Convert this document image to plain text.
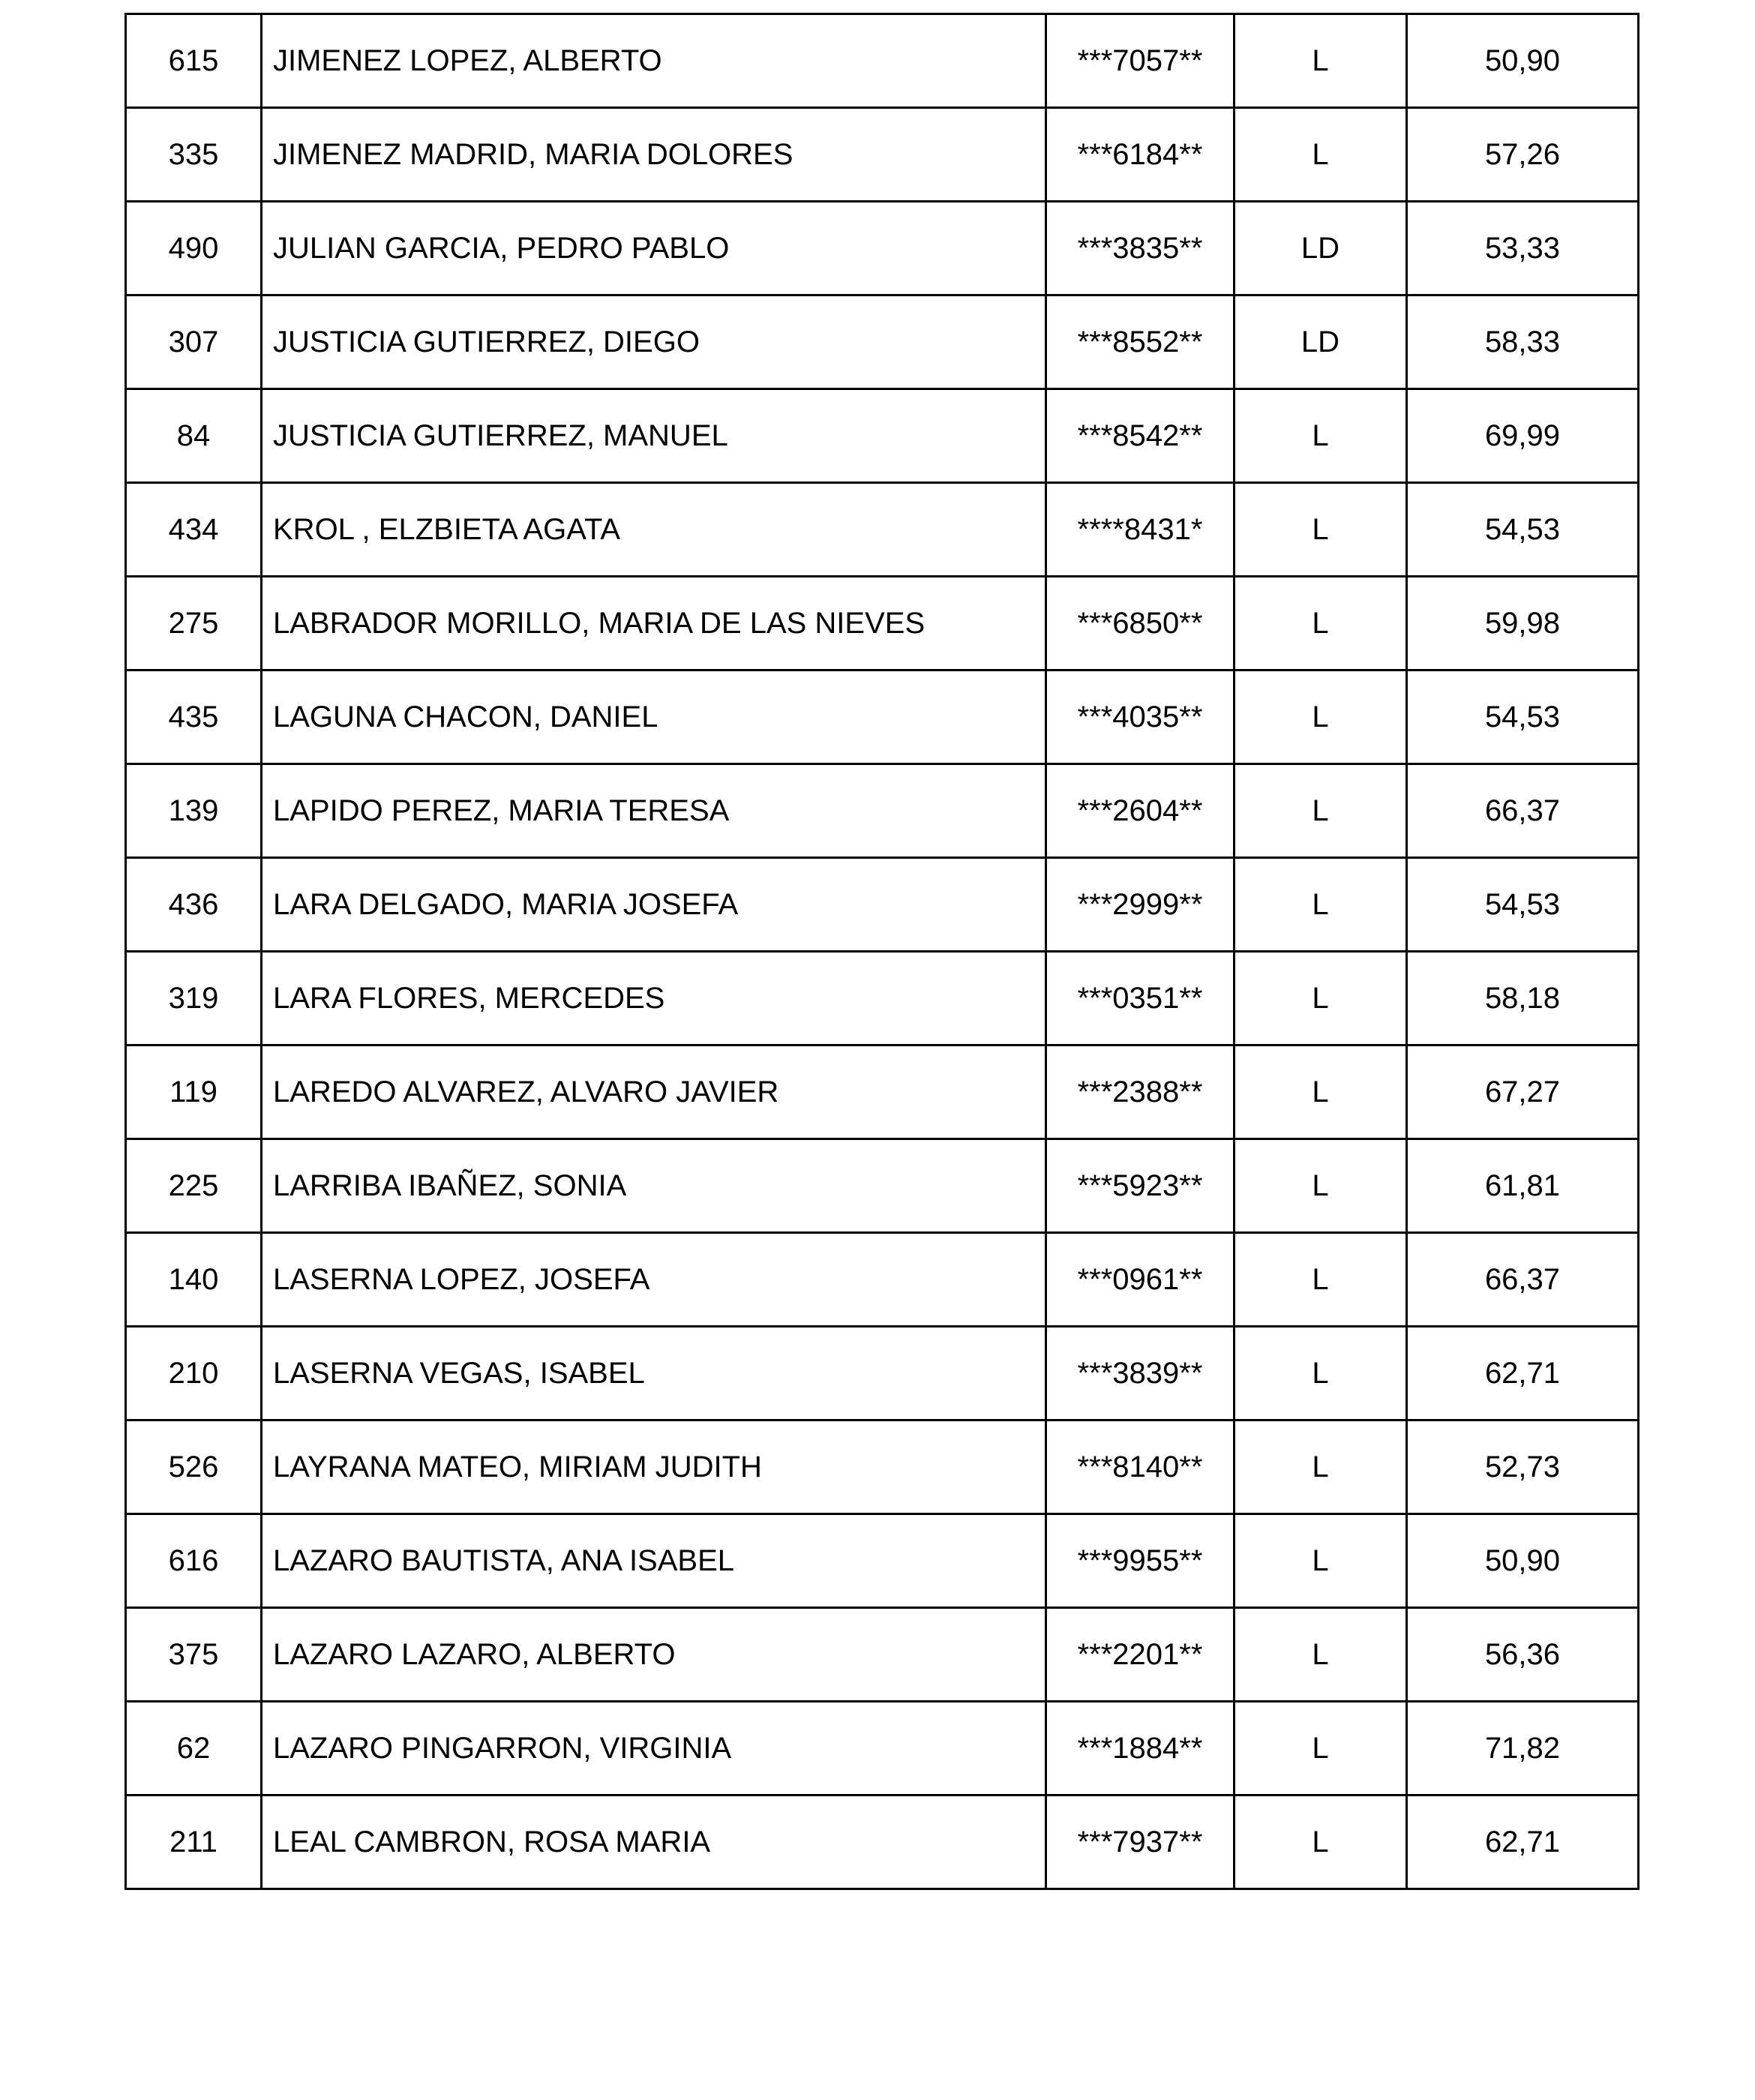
615	JIMENEZ LOPEZ, ALBERTO	***7057**	L	50,90
335	JIMENEZ MADRID, MARIA DOLORES	***6184**	L	57,26
490	JULIAN GARCIA, PEDRO PABLO	***3835**	LD	53,33
307	JUSTICIA GUTIERREZ, DIEGO	***8552**	LD	58,33
84	JUSTICIA GUTIERREZ, MANUEL	***8542**	L	69,99
434	KROL , ELZBIETA AGATA	****8431*	L	54,53
275	LABRADOR MORILLO, MARIA DE LAS NIEVES	***6850**	L	59,98
435	LAGUNA CHACON, DANIEL	***4035**	L	54,53
139	LAPIDO PEREZ, MARIA TERESA	***2604**	L	66,37
436	LARA DELGADO, MARIA JOSEFA	***2999**	L	54,53
319	LARA FLORES, MERCEDES	***0351**	L	58,18
119	LAREDO ALVAREZ, ALVARO JAVIER	***2388**	L	67,27
225	LARRIBA IBAÑEZ, SONIA	***5923**	L	61,81
140	LASERNA LOPEZ, JOSEFA	***0961**	L	66,37
210	LASERNA VEGAS, ISABEL	***3839**	L	62,71
526	LAYRANA MATEO, MIRIAM JUDITH	***8140**	L	52,73
616	LAZARO BAUTISTA, ANA ISABEL	***9955**	L	50,90
375	LAZARO LAZARO, ALBERTO	***2201**	L	56,36
62	LAZARO PINGARRON, VIRGINIA	***1884**	L	71,82
211	LEAL CAMBRON, ROSA MARIA	***7937**	L	62,71
